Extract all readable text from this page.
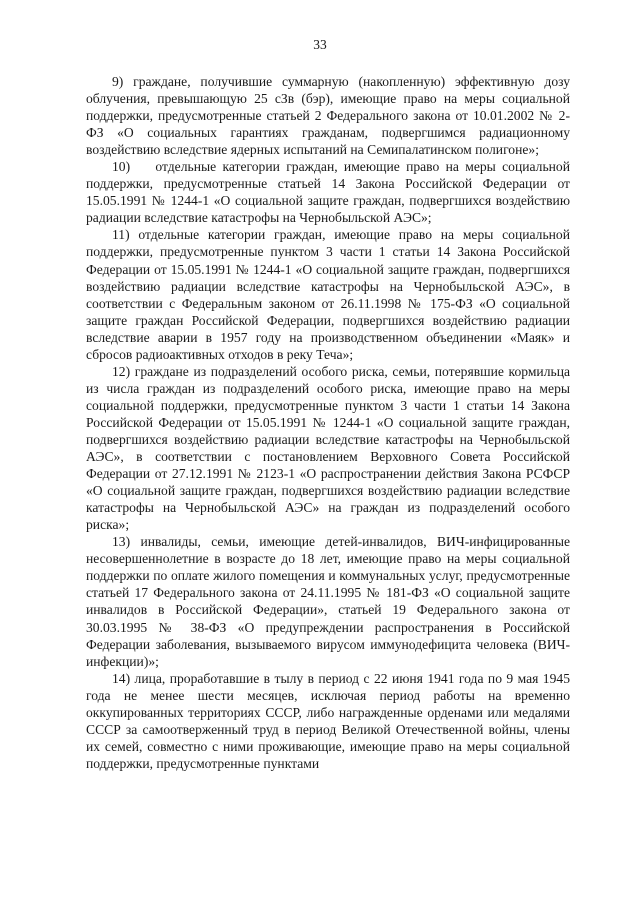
33

9) граждане, получившие суммарную (накопленную) эффективную дозу облучения, превышающую 25 сЗв (бэр), имеющие право на меры социальной поддержки, предусмотренные статьей 2 Федерального закона от 10.01.2002 № 2-ФЗ «О социальных гарантиях гражданам, подвергшимся радиационному воздействию вследствие ядерных испытаний на Семипалатинском полигоне»;

10)    отдельные категории граждан, имеющие право на меры социальной поддержки, предусмотренные статьей 14 Закона Российской Федерации от 15.05.1991 № 1244-1 «О социальной защите граждан, подвергшихся воздействию радиации вследствие катастрофы на Чернобыльской АЭС»;

11) отдельные категории граждан, имеющие право на меры социальной поддержки, предусмотренные пунктом 3 части 1 статьи 14 Закона Российской Федерации от 15.05.1991 № 1244-1 «О социальной защите граждан, подвергшихся воздействию радиации вследствие катастрофы на Чернобыльской АЭС», в соответствии с Федеральным законом от 26.11.1998 № 175-ФЗ «О социальной защите граждан Российской Федерации, подвергшихся воздействию радиации вследствие аварии в 1957 году на производственном объединении «Маяк» и сбросов радиоактивных отходов в реку Теча»;

12) граждане из подразделений особого риска, семьи, потерявшие кормильца из числа граждан из подразделений особого риска, имеющие право на меры социальной поддержки, предусмотренные пунктом 3 части 1 статьи 14 Закона Российской Федерации от 15.05.1991 № 1244-1 «О социальной защите граждан, подвергшихся воздействию радиации вследствие катастрофы на Чернобыльской АЭС», в соответствии с постановлением Верховного Совета Российской Федерации от 27.12.1991 № 2123-1 «О распространении действия Закона РСФСР «О социальной защите граждан, подвергшихся воздействию радиации вследствие катастрофы на Чернобыльской АЭС» на граждан из подразделений особого риска»;

13) инвалиды, семьи, имеющие детей-инвалидов, ВИЧ-инфицированные несовершеннолетние в возрасте до 18 лет, имеющие право на меры социальной поддержки по оплате жилого помещения и коммунальных услуг, предусмотренные статьей 17 Федерального закона от 24.11.1995 № 181-ФЗ «О социальной защите инвалидов в Российской Федерации», статьей 19 Федерального закона от 30.03.1995 № 38-ФЗ «О предупреждении распространения в Российской Федерации заболевания, вызываемого вирусом иммунодефицита человека (ВИЧ-инфекции)»;

14) лица, проработавшие в тылу в период с 22 июня 1941 года по 9 мая 1945 года не менее шести месяцев, исключая период работы на временно оккупированных территориях СССР, либо награжденные орденами или медалями СССР за самоотверженный труд в период Великой Отечественной войны, члены их семей, совместно с ними проживающие, имеющие право на меры социальной поддержки, предусмотренные пунктами
